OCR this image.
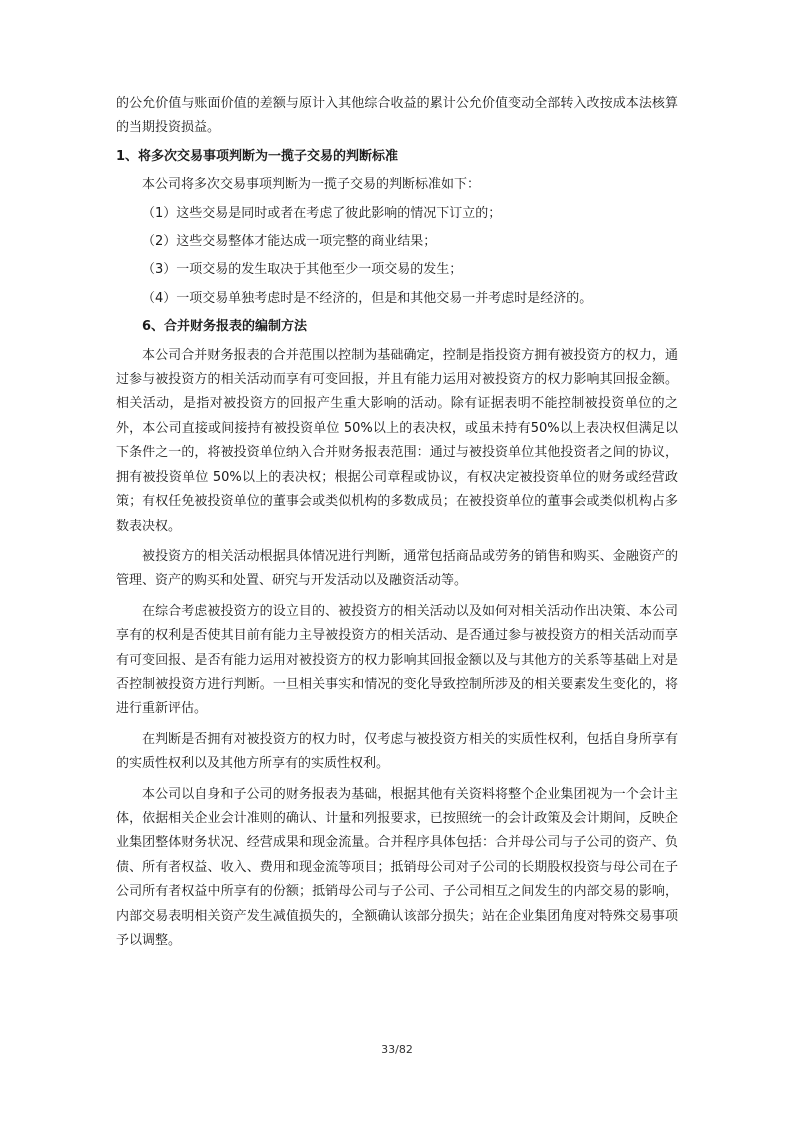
的公允价值与账面价值的差额与原计入其他综合收益的累计公允价值变动全部转入改按成本法核算的当期投资损益。

1、将多次交易事项判断为一揽子交易的判断标准

本公司将多次交易事项判断为一揽子交易的判断标准如下：

（1）这些交易是同时或者在考虑了彼此影响的情况下订立的；

（2）这些交易整体才能达成一项完整的商业结果；

（3）一项交易的发生取决于其他至少一项交易的发生；

（4）一项交易单独考虑时是不经济的，但是和其他交易一并考虑时是经济的。

6、合并财务报表的编制方法

本公司合并财务报表的合并范围以控制为基础确定，控制是指投资方拥有被投资方的权力，通过参与被投资方的相关活动而享有可变回报，并且有能力运用对被投资方的权力影响其回报金额。相关活动，是指对被投资方的回报产生重大影响的活动。除有证据表明不能控制被投资单位的之外，本公司直接或间接持有被投资单位 50%以上的表决权，或虽未持有50%以上表决权但满足以下条件之一的，将被投资单位纳入合并财务报表范围：通过与被投资单位其他投资者之间的协议，拥有被投资单位 50%以上的表决权；根据公司章程或协议，有权决定被投资单位的财务或经营政策；有权任免被投资单位的董事会或类似机构的多数成员；在被投资单位的董事会或类似机构占多数表决权。

被投资方的相关活动根据具体情况进行判断，通常包括商品或劳务的销售和购买、金融资产的管理、资产的购买和处置、研究与开发活动以及融资活动等。

在综合考虑被投资方的设立目的、被投资方的相关活动以及如何对相关活动作出决策、本公司享有的权利是否使其目前有能力主导被投资方的相关活动、是否通过参与被投资方的相关活动而享有可变回报、是否有能力运用对被投资方的权力影响其回报金额以及与其他方的关系等基础上对是否控制被投资方进行判断。一旦相关事实和情况的变化导致控制所涉及的相关要素发生变化的，将进行重新评估。

在判断是否拥有对被投资方的权力时，仅考虑与被投资方相关的实质性权利，包括自身所享有的实质性权利以及其他方所享有的实质性权利。

本公司以自身和子公司的财务报表为基础，根据其他有关资料将整个企业集团视为一个会计主体，依据相关企业会计准则的确认、计量和列报要求，已按照统一的会计政策及会计期间，反映企业集团整体财务状况、经营成果和现金流量。合并程序具体包括：合并母公司与子公司的资产、负债、所有者权益、收入、费用和现金流等项目；抵销母公司对子公司的长期股权投资与母公司在子公司所有者权益中所享有的份额；抵销母公司与子公司、子公司相互之间发生的内部交易的影响，内部交易表明相关资产发生减值损失的，全额确认该部分损失；站在企业集团角度对特殊交易事项予以调整。

33/82
